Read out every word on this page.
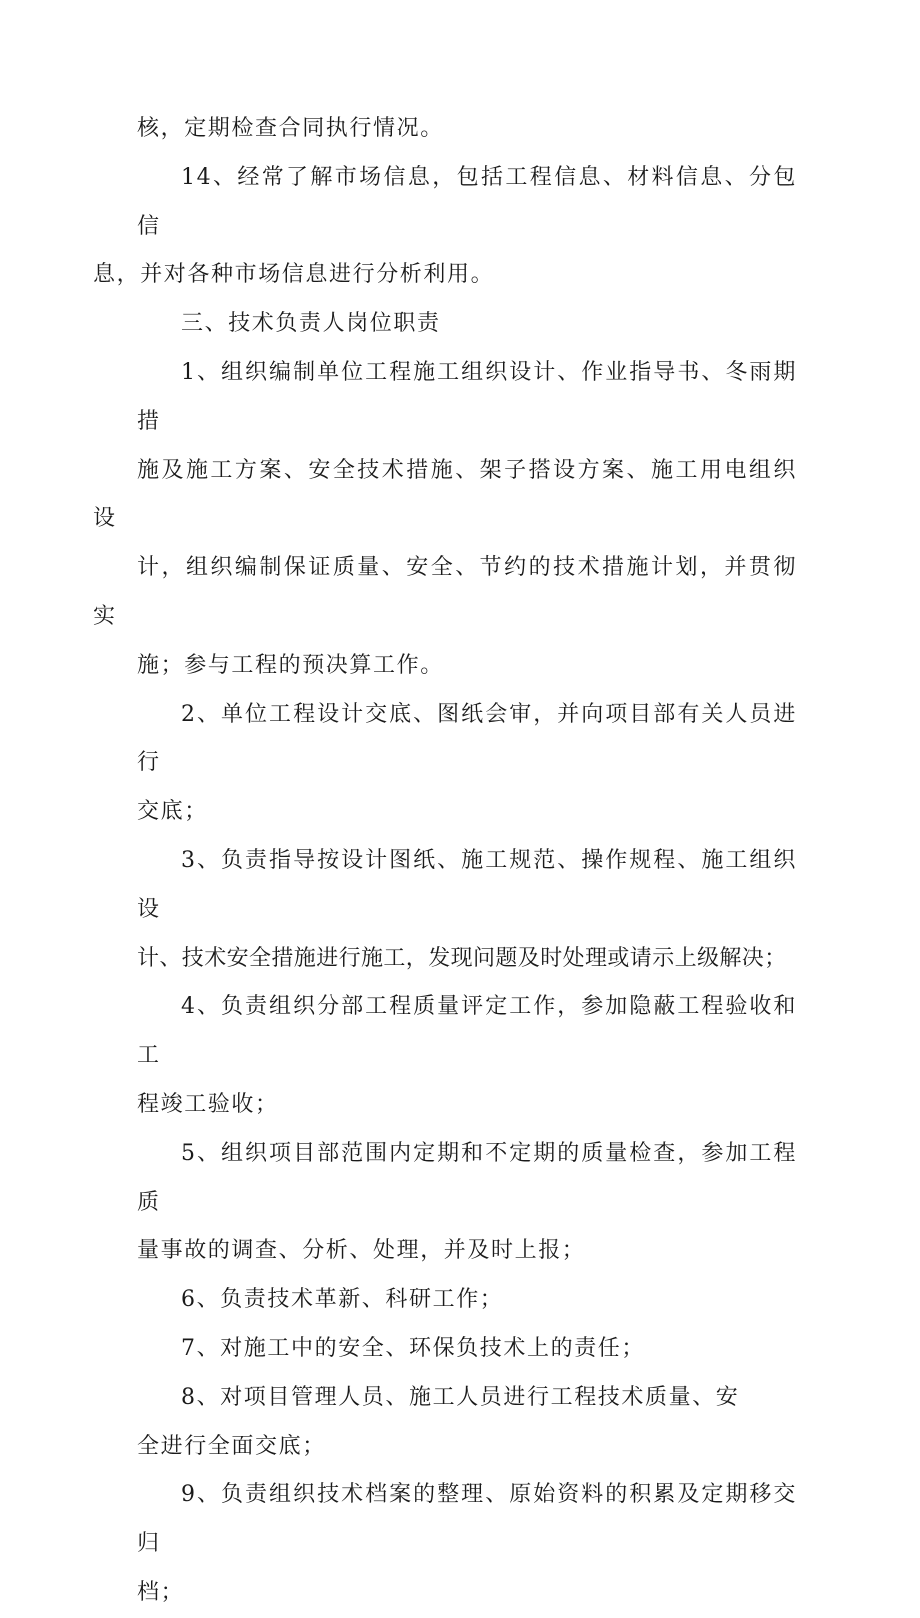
核，定期检查合同执行情况。

14、经常了解市场信息，包括工程信息、材料信息、分包信
息，并对各种市场信息进行分析利用。

三、技术负责人岗位职责

1、组织编制单位工程施工组织设计、作业指导书、冬雨期措
施及施工方案、安全技术措施、架子搭设方案、施工用电组织设
计，组织编制保证质量、安全、节约的技术措施计划，并贯彻实
施；参与工程的预决算工作。

2、单位工程设计交底、图纸会审，并向项目部有关人员进行
交底；

3、负责指导按设计图纸、施工规范、操作规程、施工组织设
计、技术安全措施进行施工，发现问题及时处理或请示上级解决；

4、负责组织分部工程质量评定工作，参加隐蔽工程验收和工
程竣工验收；

5、组织项目部范围内定期和不定期的质量检查，参加工程质
量事故的调查、分析、处理，并及时上报；

6、负责技术革新、科研工作；

7、对施工中的安全、环保负技术上的责任；

8、对项目管理人员、施工人员进行工程技术质量、安
全进行全面交底；

9、负责组织技术档案的整理、原始资料的积累及定期移交归
档；
